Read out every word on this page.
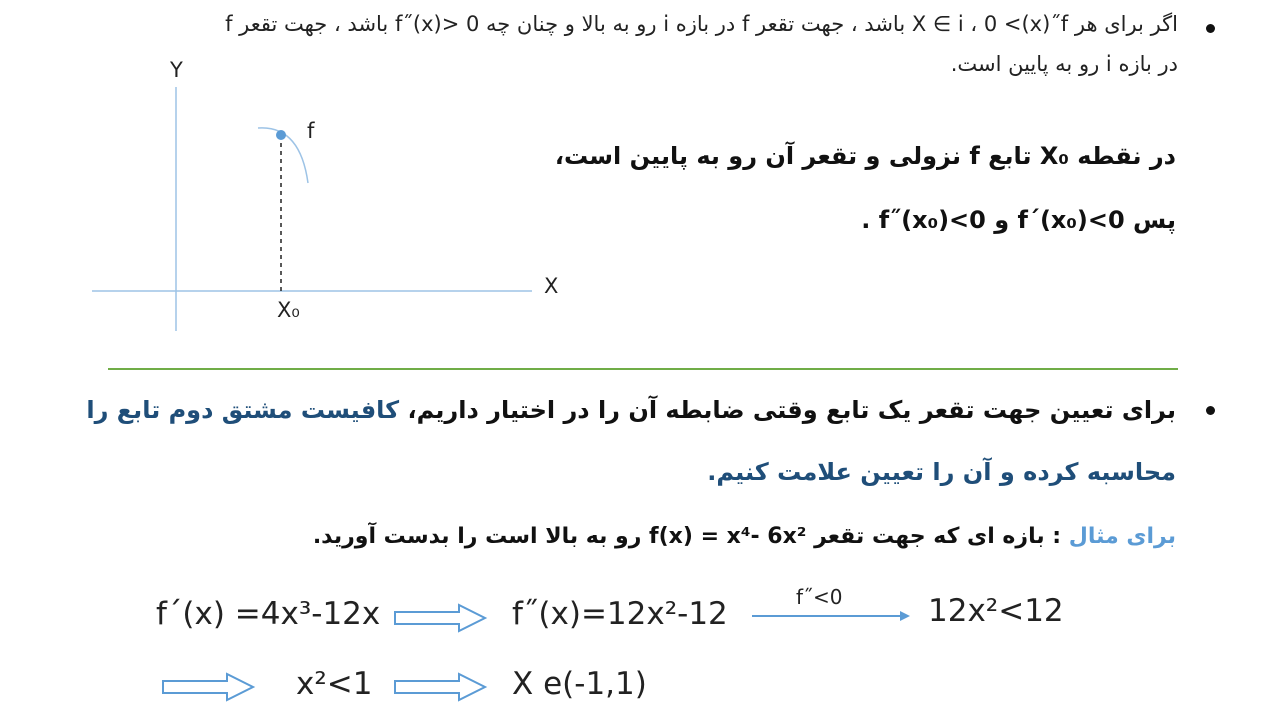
اگر برای هر X ∈ i ، 0 <(x)˝f باشد ، جهت تقعر f در بازه i رو به بالا و چنان چه 0 <(x)˝f باشد ، جهت تقعر f
در بازه i رو به پایین است.
Y
X
f
X₀
در نقطه X₀ تابع f نزولی و تقعر آن رو به پایین است،
پس f´(x₀)<0 و f˝(x₀)<0 .
برای تعیین جهت تقعر یک تابع وقتی ضابطه آن را در اختیار داریم، کافیست مشتق دوم تابع را
محاسبه کرده و آن را تعیین علامت کنیم.
برای مثال : بازه ای که جهت تقعر f(x) = x⁴- 6x² رو به بالا است را بدست آورید.
f´(x) =4x³-12x	f˝(x)=12x²-12	f˝<0	12x²<12
x²<1	X e(-1,1)
